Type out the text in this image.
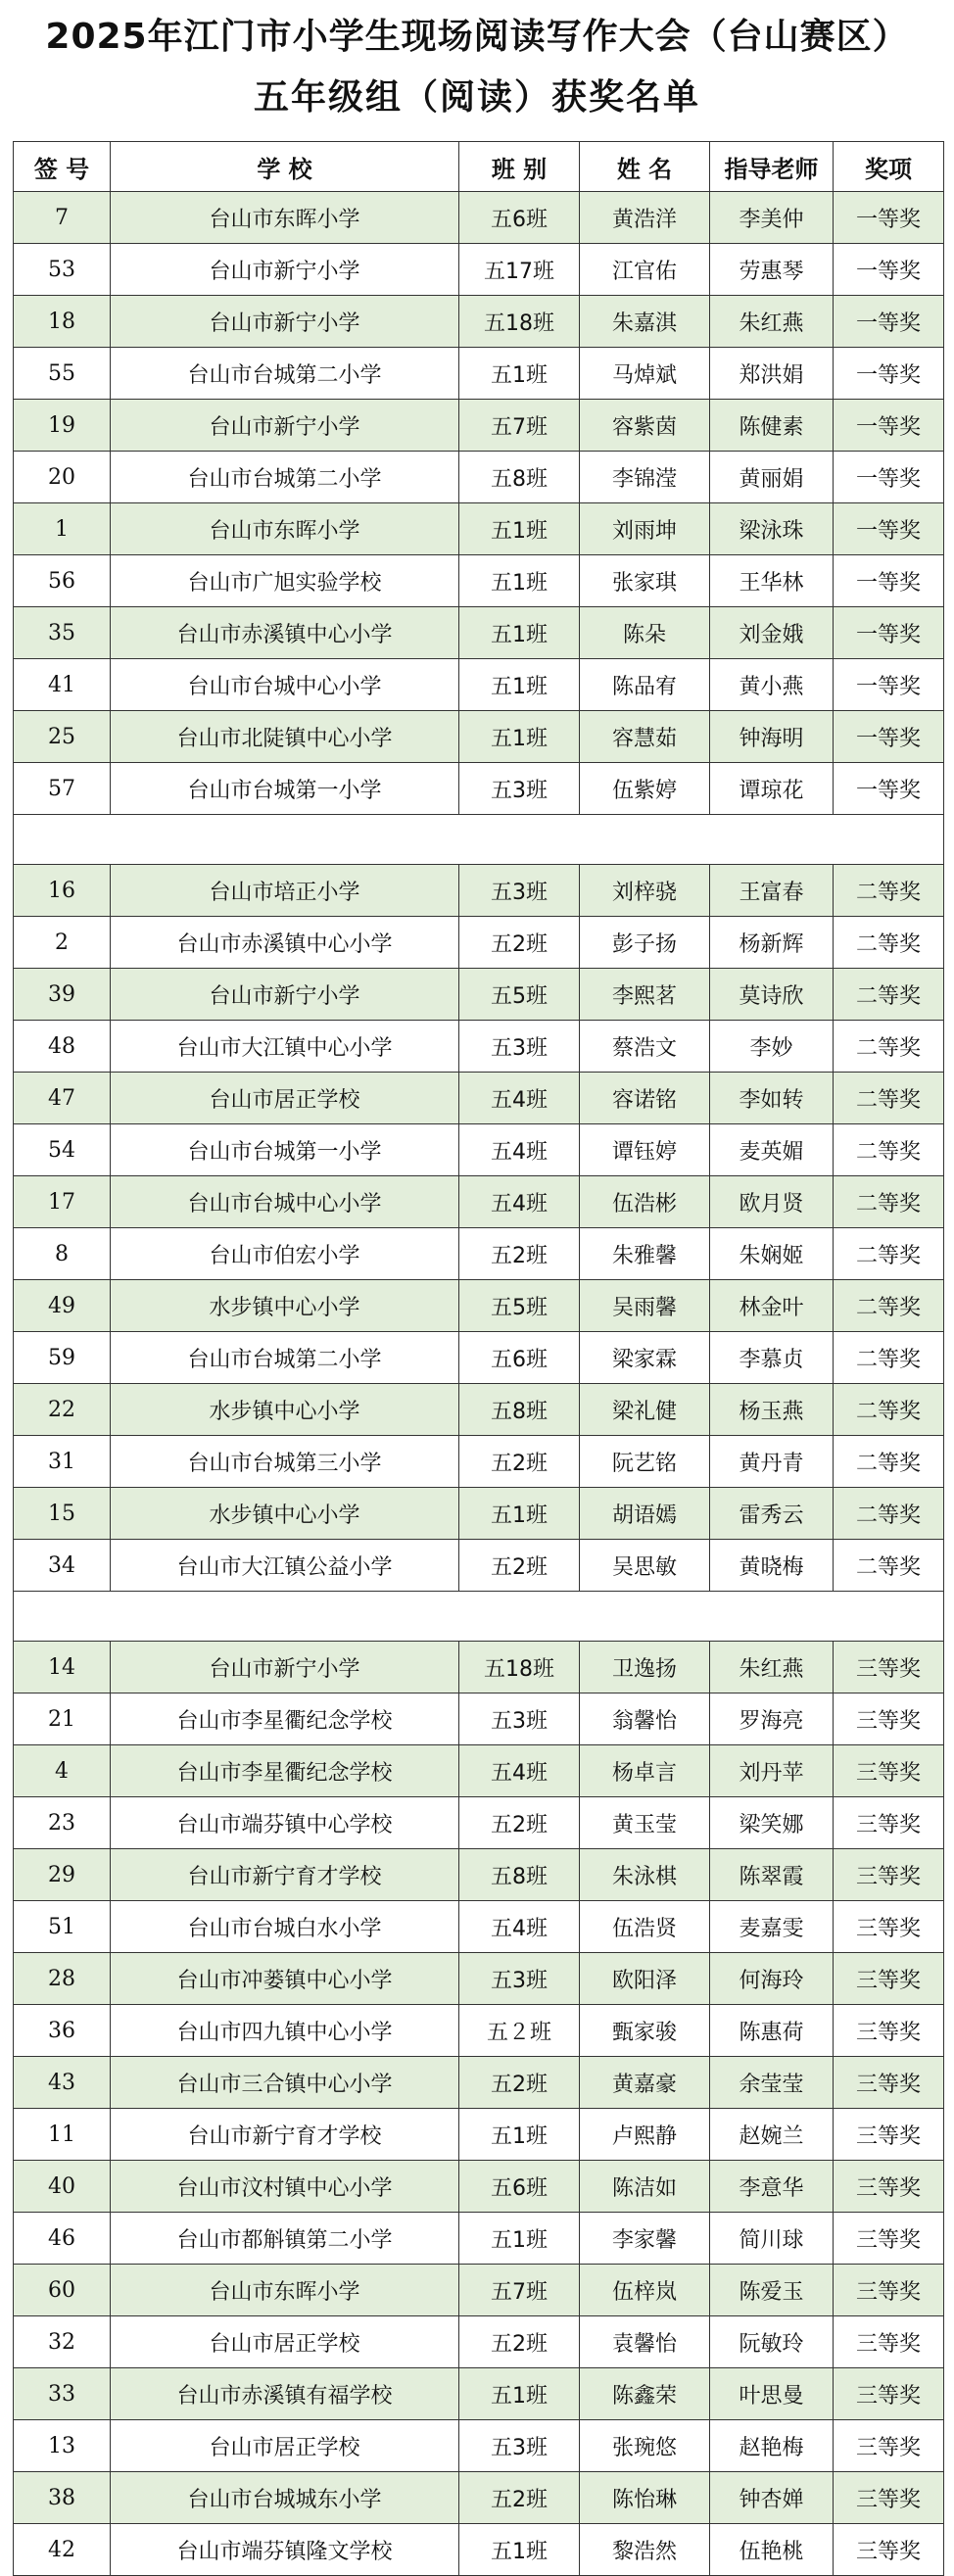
2025年江门市小学生现场阅读写作大会（台山赛区）
五年级组（阅读）获奖名单
签 号	学 校	班 别	姓 名	指导老师	奖项
7	台山市东晖小学	五6班	黄浩洋	李美仲	一等奖
53	台山市新宁小学	五17班	江官佑	劳惠琴	一等奖
18	台山市新宁小学	五18班	朱嘉淇	朱红燕	一等奖
55	台山市台城第二小学	五1班	马焯斌	郑洪娟	一等奖
19	台山市新宁小学	五7班	容紫茵	陈健素	一等奖
20	台山市台城第二小学	五8班	李锦滢	黄丽娟	一等奖
1	台山市东晖小学	五1班	刘雨坤	梁泳珠	一等奖
56	台山市广旭实验学校	五1班	张家琪	王华林	一等奖
35	台山市赤溪镇中心小学	五1班	陈朵	刘金娥	一等奖
41	台山市台城中心小学	五1班	陈品宥	黄小燕	一等奖
25	台山市北陡镇中心小学	五1班	容慧茹	钟海明	一等奖
57	台山市台城第一小学	五3班	伍紫婷	谭琼花	一等奖

16	台山市培正小学	五3班	刘梓骁	王富春	二等奖
2	台山市赤溪镇中心小学	五2班	彭子扬	杨新辉	二等奖
39	台山市新宁小学	五5班	李熙茗	莫诗欣	二等奖
48	台山市大江镇中心小学	五3班	蔡浩文	李妙	二等奖
47	台山市居正学校	五4班	容诺铭	李如转	二等奖
54	台山市台城第一小学	五4班	谭钰婷	麦英媚	二等奖
17	台山市台城中心小学	五4班	伍浩彬	欧月贤	二等奖
8	台山市伯宏小学	五2班	朱雅馨	朱娴姬	二等奖
49	水步镇中心小学	五5班	吴雨馨	林金叶	二等奖
59	台山市台城第二小学	五6班	梁家霖	李慕贞	二等奖
22	水步镇中心小学	五8班	梁礼健	杨玉燕	二等奖
31	台山市台城第三小学	五2班	阮艺铭	黄丹青	二等奖
15	水步镇中心小学	五1班	胡语嫣	雷秀云	二等奖
34	台山市大江镇公益小学	五2班	吴思敏	黄晓梅	二等奖

14	台山市新宁小学	五18班	卫逸扬	朱红燕	三等奖
21	台山市李星衢纪念学校	五3班	翁馨怡	罗海亮	三等奖
4	台山市李星衢纪念学校	五4班	杨卓言	刘丹苹	三等奖
23	台山市端芬镇中心学校	五2班	黄玉莹	梁笑娜	三等奖
29	台山市新宁育才学校	五8班	朱泳棋	陈翠霞	三等奖
51	台山市台城白水小学	五4班	伍浩贤	麦嘉雯	三等奖
28	台山市冲蒌镇中心小学	五3班	欧阳泽	何海玲	三等奖
36	台山市四九镇中心小学	五２班	甄家骏	陈惠荷	三等奖
43	台山市三合镇中心小学	五2班	黄嘉豪	余莹莹	三等奖
11	台山市新宁育才学校	五1班	卢熙静	赵婉兰	三等奖
40	台山市汶村镇中心小学	五6班	陈洁如	李意华	三等奖
46	台山市都斛镇第二小学	五1班	李家馨	简川球	三等奖
60	台山市东晖小学	五7班	伍梓岚	陈爱玉	三等奖
32	台山市居正学校	五2班	袁馨怡	阮敏玲	三等奖
33	台山市赤溪镇有福学校	五1班	陈鑫荣	叶思曼	三等奖
13	台山市居正学校	五3班	张琬悠	赵艳梅	三等奖
38	台山市台城城东小学	五2班	陈怡琳	钟杏婵	三等奖
42	台山市端芬镇隆文学校	五1班	黎浩然	伍艳桃	三等奖
